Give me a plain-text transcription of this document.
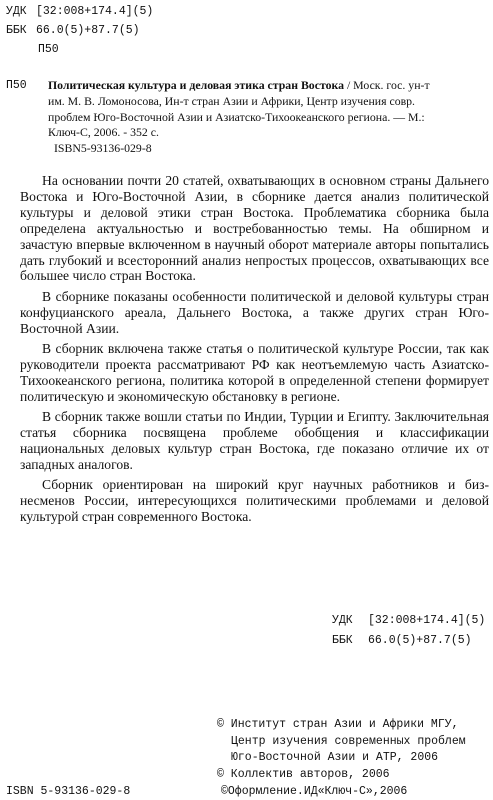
УДК [32:008+174.4](5)
ББК 66.0(5)+87.7(5)
П50
П50 Политическая культура и деловая этика стран Востока / Моск. гос. ун-т
им. М. В. Ломоносова, Ин-т стран Азии и Африки, Центр изучения совр.
проблем Юго-Восточной Азии и Азиатско-Тихоокеанского региона. — М.:
Ключ-С, 2006. - 352 с.
ISBN5-93136-029-8

На основании почти 20 статей, охватывающих в основном страны Дальнего Востока и Юго-Восточной Азии, в сборнике дается анализ политической культуры и деловой этики стран Востока. Проблематика сборника была определена актуальностью и востребованностью темы. На обширном и зачастую впервые включенном в научный оборот материале авторы попытались дать глубокий и всесторонний анализ непростых процессов, охватывающих все большее число стран Востока.

В сборнике показаны особенности политической и деловой культуры стран конфуцианского ареала, Дальнего Востока, а также других стран Юго-Восточной Азии.

В сборник включена также статья о политической культуре России, так как руководители проекта рассматривают РФ как неотъемлемую часть Азиатско-Тихоокеанского региона, политика которой в определенной степени формирует политическую и экономическую обстановку в регионе.

В сборник также вошли статьи по Индии, Турции и Египту. Заключительная статья сборника посвящена проблеме обобщения и классификации национальных деловых культур стран Востока, где показано отличие их от западных аналогов.

Сборник ориентирован на широкий круг научных работников и бизнесменов России, интересующихся политическими проблемами и деловой культурой стран современного Востока.

УДК [32:008+174.4](5)
ББК 66.0(5)+87.7(5)
© Институт стран Азии и Африки МГУ,
Центр изучения современных проблем
Юго-Восточной Азии и АТР, 2006
© Коллектив авторов, 2006
©Оформление.ИД«Ключ-С»,2006
ISBN 5-93136-029-8
